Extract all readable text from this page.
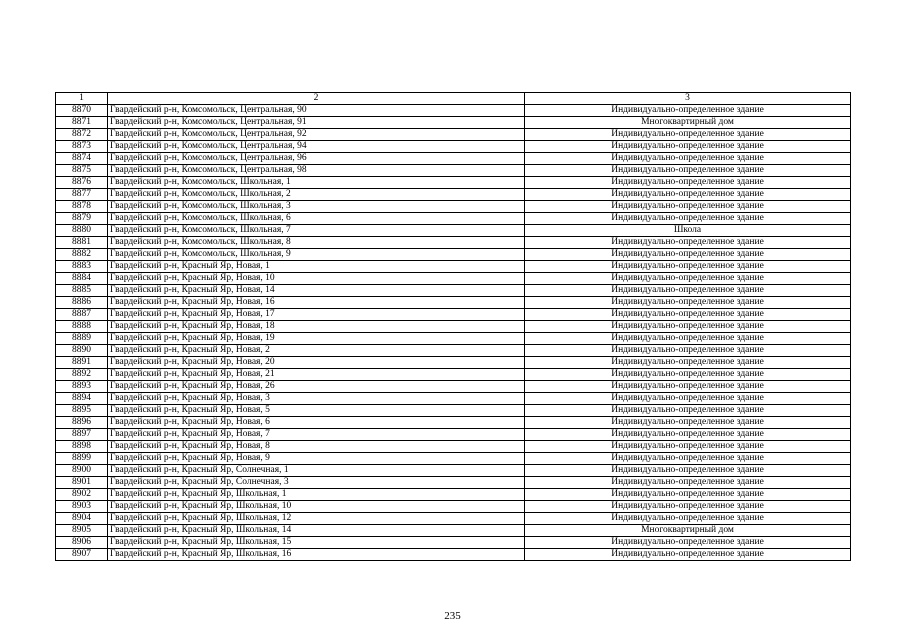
1	2	3
8870	Гвардейский р-н, Комсомольск, Центральная, 90	Индивидуально-определенное здание
8871	Гвардейский р-н, Комсомольск, Центральная, 91	Многоквартирный дом
8872	Гвардейский р-н, Комсомольск, Центральная, 92	Индивидуально-определенное здание
8873	Гвардейский р-н, Комсомольск, Центральная, 94	Индивидуально-определенное здание
8874	Гвардейский р-н, Комсомольск, Центральная, 96	Индивидуально-определенное здание
8875	Гвардейский р-н, Комсомольск, Центральная, 98	Индивидуально-определенное здание
8876	Гвардейский р-н, Комсомольск, Школьная, 1	Индивидуально-определенное здание
8877	Гвардейский р-н, Комсомольск, Школьная, 2	Индивидуально-определенное здание
8878	Гвардейский р-н, Комсомольск, Школьная, 3	Индивидуально-определенное здание
8879	Гвардейский р-н, Комсомольск, Школьная, 6	Индивидуально-определенное здание
8880	Гвардейский р-н, Комсомольск, Школьная, 7	Школа
8881	Гвардейский р-н, Комсомольск, Школьная, 8	Индивидуально-определенное здание
8882	Гвардейский р-н, Комсомольск, Школьная, 9	Индивидуально-определенное здание
8883	Гвардейский р-н, Красный Яр, Новая, 1	Индивидуально-определенное здание
8884	Гвардейский р-н, Красный Яр, Новая, 10	Индивидуально-определенное здание
8885	Гвардейский р-н, Красный Яр, Новая, 14	Индивидуально-определенное здание
8886	Гвардейский р-н, Красный Яр, Новая, 16	Индивидуально-определенное здание
8887	Гвардейский р-н, Красный Яр, Новая, 17	Индивидуально-определенное здание
8888	Гвардейский р-н, Красный Яр, Новая, 18	Индивидуально-определенное здание
8889	Гвардейский р-н, Красный Яр, Новая, 19	Индивидуально-определенное здание
8890	Гвардейский р-н, Красный Яр, Новая, 2	Индивидуально-определенное здание
8891	Гвардейский р-н, Красный Яр, Новая, 20	Индивидуально-определенное здание
8892	Гвардейский р-н, Красный Яр, Новая, 21	Индивидуально-определенное здание
8893	Гвардейский р-н, Красный Яр, Новая, 26	Индивидуально-определенное здание
8894	Гвардейский р-н, Красный Яр, Новая, 3	Индивидуально-определенное здание
8895	Гвардейский р-н, Красный Яр, Новая, 5	Индивидуально-определенное здание
8896	Гвардейский р-н, Красный Яр, Новая, 6	Индивидуально-определенное здание
8897	Гвардейский р-н, Красный Яр, Новая, 7	Индивидуально-определенное здание
8898	Гвардейский р-н, Красный Яр, Новая, 8	Индивидуально-определенное здание
8899	Гвардейский р-н, Красный Яр, Новая, 9	Индивидуально-определенное здание
8900	Гвардейский р-н, Красный Яр, Солнечная, 1	Индивидуально-определенное здание
8901	Гвардейский р-н, Красный Яр, Солнечная, 3	Индивидуально-определенное здание
8902	Гвардейский р-н, Красный Яр, Школьная, 1	Индивидуально-определенное здание
8903	Гвардейский р-н, Красный Яр, Школьная, 10	Индивидуально-определенное здание
8904	Гвардейский р-н, Красный Яр, Школьная, 12	Индивидуально-определенное здание
8905	Гвардейский р-н, Красный Яр, Школьная, 14	Многоквартирный дом
8906	Гвардейский р-н, Красный Яр, Школьная, 15	Индивидуально-определенное здание
8907	Гвардейский р-н, Красный Яр, Школьная, 16	Индивидуально-определенное здание
235
